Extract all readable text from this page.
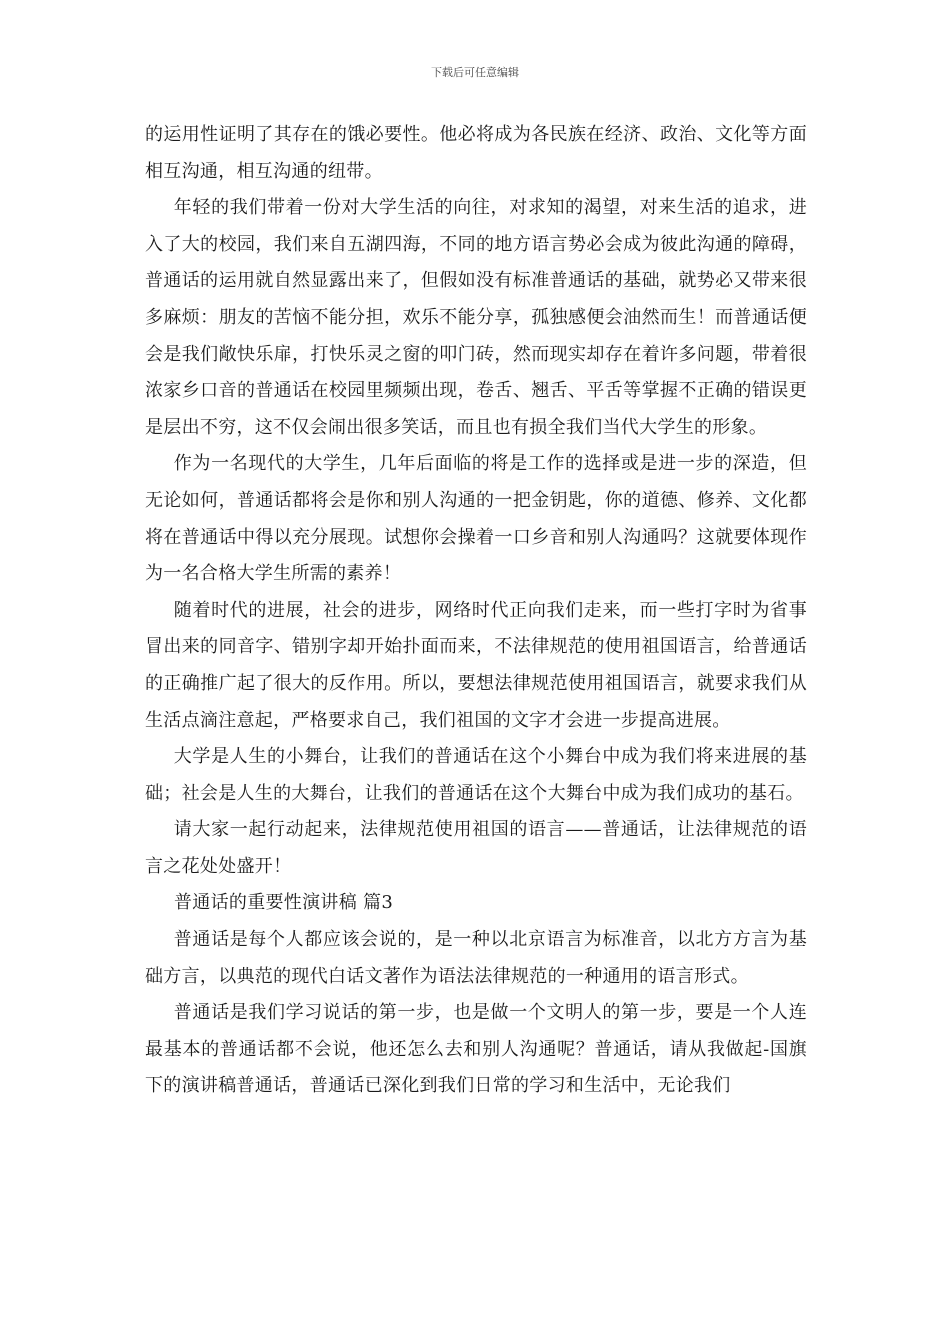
下载后可任意编辑

的运用性证明了其存在的饿必要性。他必将成为各民族在经济、政治、文化等方面相互沟通，相互沟通的纽带。

年轻的我们带着一份对大学生活的向往，对求知的渴望，对来生活的追求，进入了大的校园，我们来自五湖四海，不同的地方语言势必会成为彼此沟通的障碍，普通话的运用就自然显露出来了，但假如没有标准普通话的基础，就势必又带来很多麻烦：朋友的苦恼不能分担，欢乐不能分享，孤独感便会油然而生！而普通话便会是我们敞快乐扉，打快乐灵之窗的叩门砖，然而现实却存在着许多问题，带着很浓家乡口音的普通话在校园里频频出现，卷舌、翘舌、平舌等掌握不正确的错误更是层出不穷，这不仅会闹出很多笑话，而且也有损全我们当代大学生的形象。

作为一名现代的大学生，几年后面临的将是工作的选择或是进一步的深造，但无论如何，普通话都将会是你和别人沟通的一把金钥匙，你的道德、修养、文化都将在普通话中得以充分展现。试想你会操着一口乡音和别人沟通吗？这就要体现作为一名合格大学生所需的素养！

随着时代的进展，社会的进步，网络时代正向我们走来，而一些打字时为省事冒出来的同音字、错别字却开始扑面而来，不法律规范的使用祖国语言，给普通话的正确推广起了很大的反作用。所以，要想法律规范使用祖国语言，就要求我们从生活点滴注意起，严格要求自己，我们祖国的文字才会进一步提高进展。

大学是人生的小舞台，让我们的普通话在这个小舞台中成为我们将来进展的基础；社会是人生的大舞台，让我们的普通话在这个大舞台中成为我们成功的基石。

请大家一起行动起来，法律规范使用祖国的语言——普通话，让法律规范的语言之花处处盛开！

普通话的重要性演讲稿 篇3

普通话是每个人都应该会说的，是一种以北京语言为标准音，以北方方言为基础方言，以典范的现代白话文著作为语法法律规范的一种通用的语言形式。

普通话是我们学习说话的第一步，也是做一个文明人的第一步，要是一个人连最基本的普通话都不会说，他还怎么去和别人沟通呢？普通话，请从我做起-国旗下的演讲稿普通话，普通话已深化到我们日常的学习和生活中，无论我们
